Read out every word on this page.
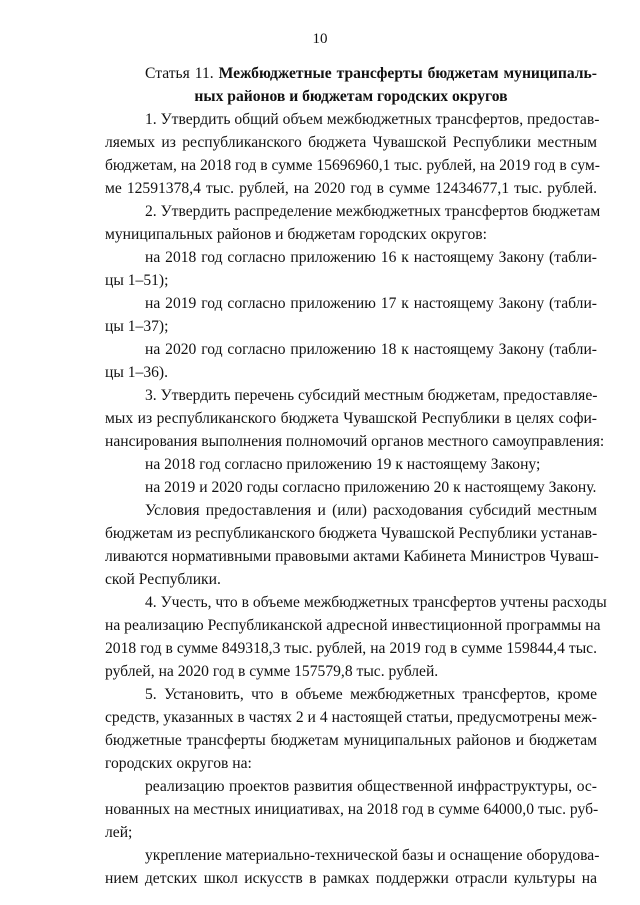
10
Статья 11. Межбюджетные трансферты бюджетам муниципаль-
ных районов и бюджетам городских округов
1. Утвердить общий объем межбюджетных трансфертов, предостав-
ляемых из республиканского бюджета Чувашской Республики местным
бюджетам, на 2018 год в сумме 15696960,1 тыс. рублей, на 2019 год в сум-
ме 12591378,4 тыс. рублей, на 2020 год в сумме 12434677,1 тыс. рублей.
2. Утвердить распределение межбюджетных трансфертов бюджетам
муниципальных районов и бюджетам городских округов:
на 2018 год согласно приложению 16 к настоящему Закону (табли-
цы 1–51);
на 2019 год согласно приложению 17 к настоящему Закону (табли-
цы 1–37);
на 2020 год согласно приложению 18 к настоящему Закону (табли-
цы 1–36).
3. Утвердить перечень субсидий местным бюджетам, предоставляе-
мых из республиканского бюджета Чувашской Республики в целях софи-
нансирования выполнения полномочий органов местного самоуправления:
на 2018 год согласно приложению 19 к настоящему Закону;
на 2019 и 2020 годы согласно приложению 20 к настоящему Закону.
Условия предоставления и (или) расходования субсидий местным
бюджетам из республиканского бюджета Чувашской Республики устанав-
ливаются нормативными правовыми актами Кабинета Министров Чуваш-
ской Республики.
4. Учесть, что в объеме межбюджетных трансфертов учтены расходы
на реализацию Республиканской адресной инвестиционной программы на
2018 год в сумме 849318,3 тыс. рублей, на 2019 год в сумме 159844,4 тыс.
рублей, на 2020 год в сумме 157579,8 тыс. рублей.
5. Установить, что в объеме межбюджетных трансфертов, кроме
средств, указанных в частях 2 и 4 настоящей статьи, предусмотрены меж-
бюджетные трансферты бюджетам муниципальных районов и бюджетам
городских округов на:
реализацию проектов развития общественной инфраструктуры, ос-
нованных на местных инициативах, на 2018 год в сумме 64000,0 тыс. руб-
лей;
укрепление материально-технической базы и оснащение оборудова-
нием детских школ искусств в рамках поддержки отрасли культуры на
